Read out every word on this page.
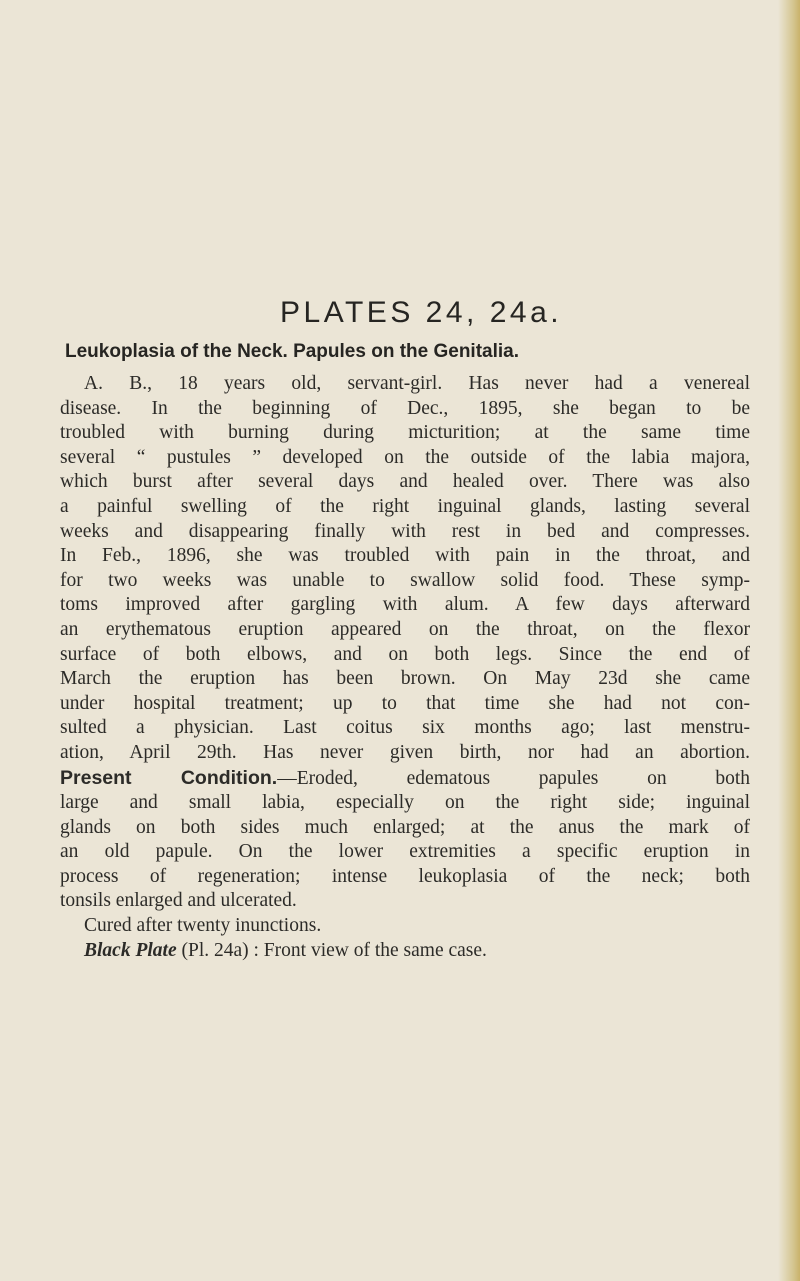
PLATES 24, 24a.
Leukoplasia of the Neck. Papules on the Genitalia.
A. B., 18 years old, servant-girl. Has never had a venereal
disease. In the beginning of Dec., 1895, she began to be
troubled with burning during micturition; at the same time
several “ pustules ” developed on the outside of the labia majora,
which burst after several days and healed over. There was also
a painful swelling of the right inguinal glands, lasting several
weeks and disappearing finally with rest in bed and compresses.
In Feb., 1896, she was troubled with pain in the throat, and
for two weeks was unable to swallow solid food. These symp-
toms improved after gargling with alum. A few days afterward
an erythematous eruption appeared on the throat, on the flexor
surface of both elbows, and on both legs. Since the end of
March the eruption has been brown. On May 23d she came
under hospital treatment; up to that time she had not con-
sulted a physician. Last coitus six months ago; last menstru-
ation, April 29th. Has never given birth, nor had an abortion.
Present Condition.—Eroded, edematous papules on both
large and small labia, especially on the right side; inguinal
glands on both sides much enlarged; at the anus the mark of
an old papule. On the lower extremities a specific eruption in
process of regeneration; intense leukoplasia of the neck; both
tonsils enlarged and ulcerated.
Cured after twenty inunctions.
Black Plate (Pl. 24a) : Front view of the same case.
